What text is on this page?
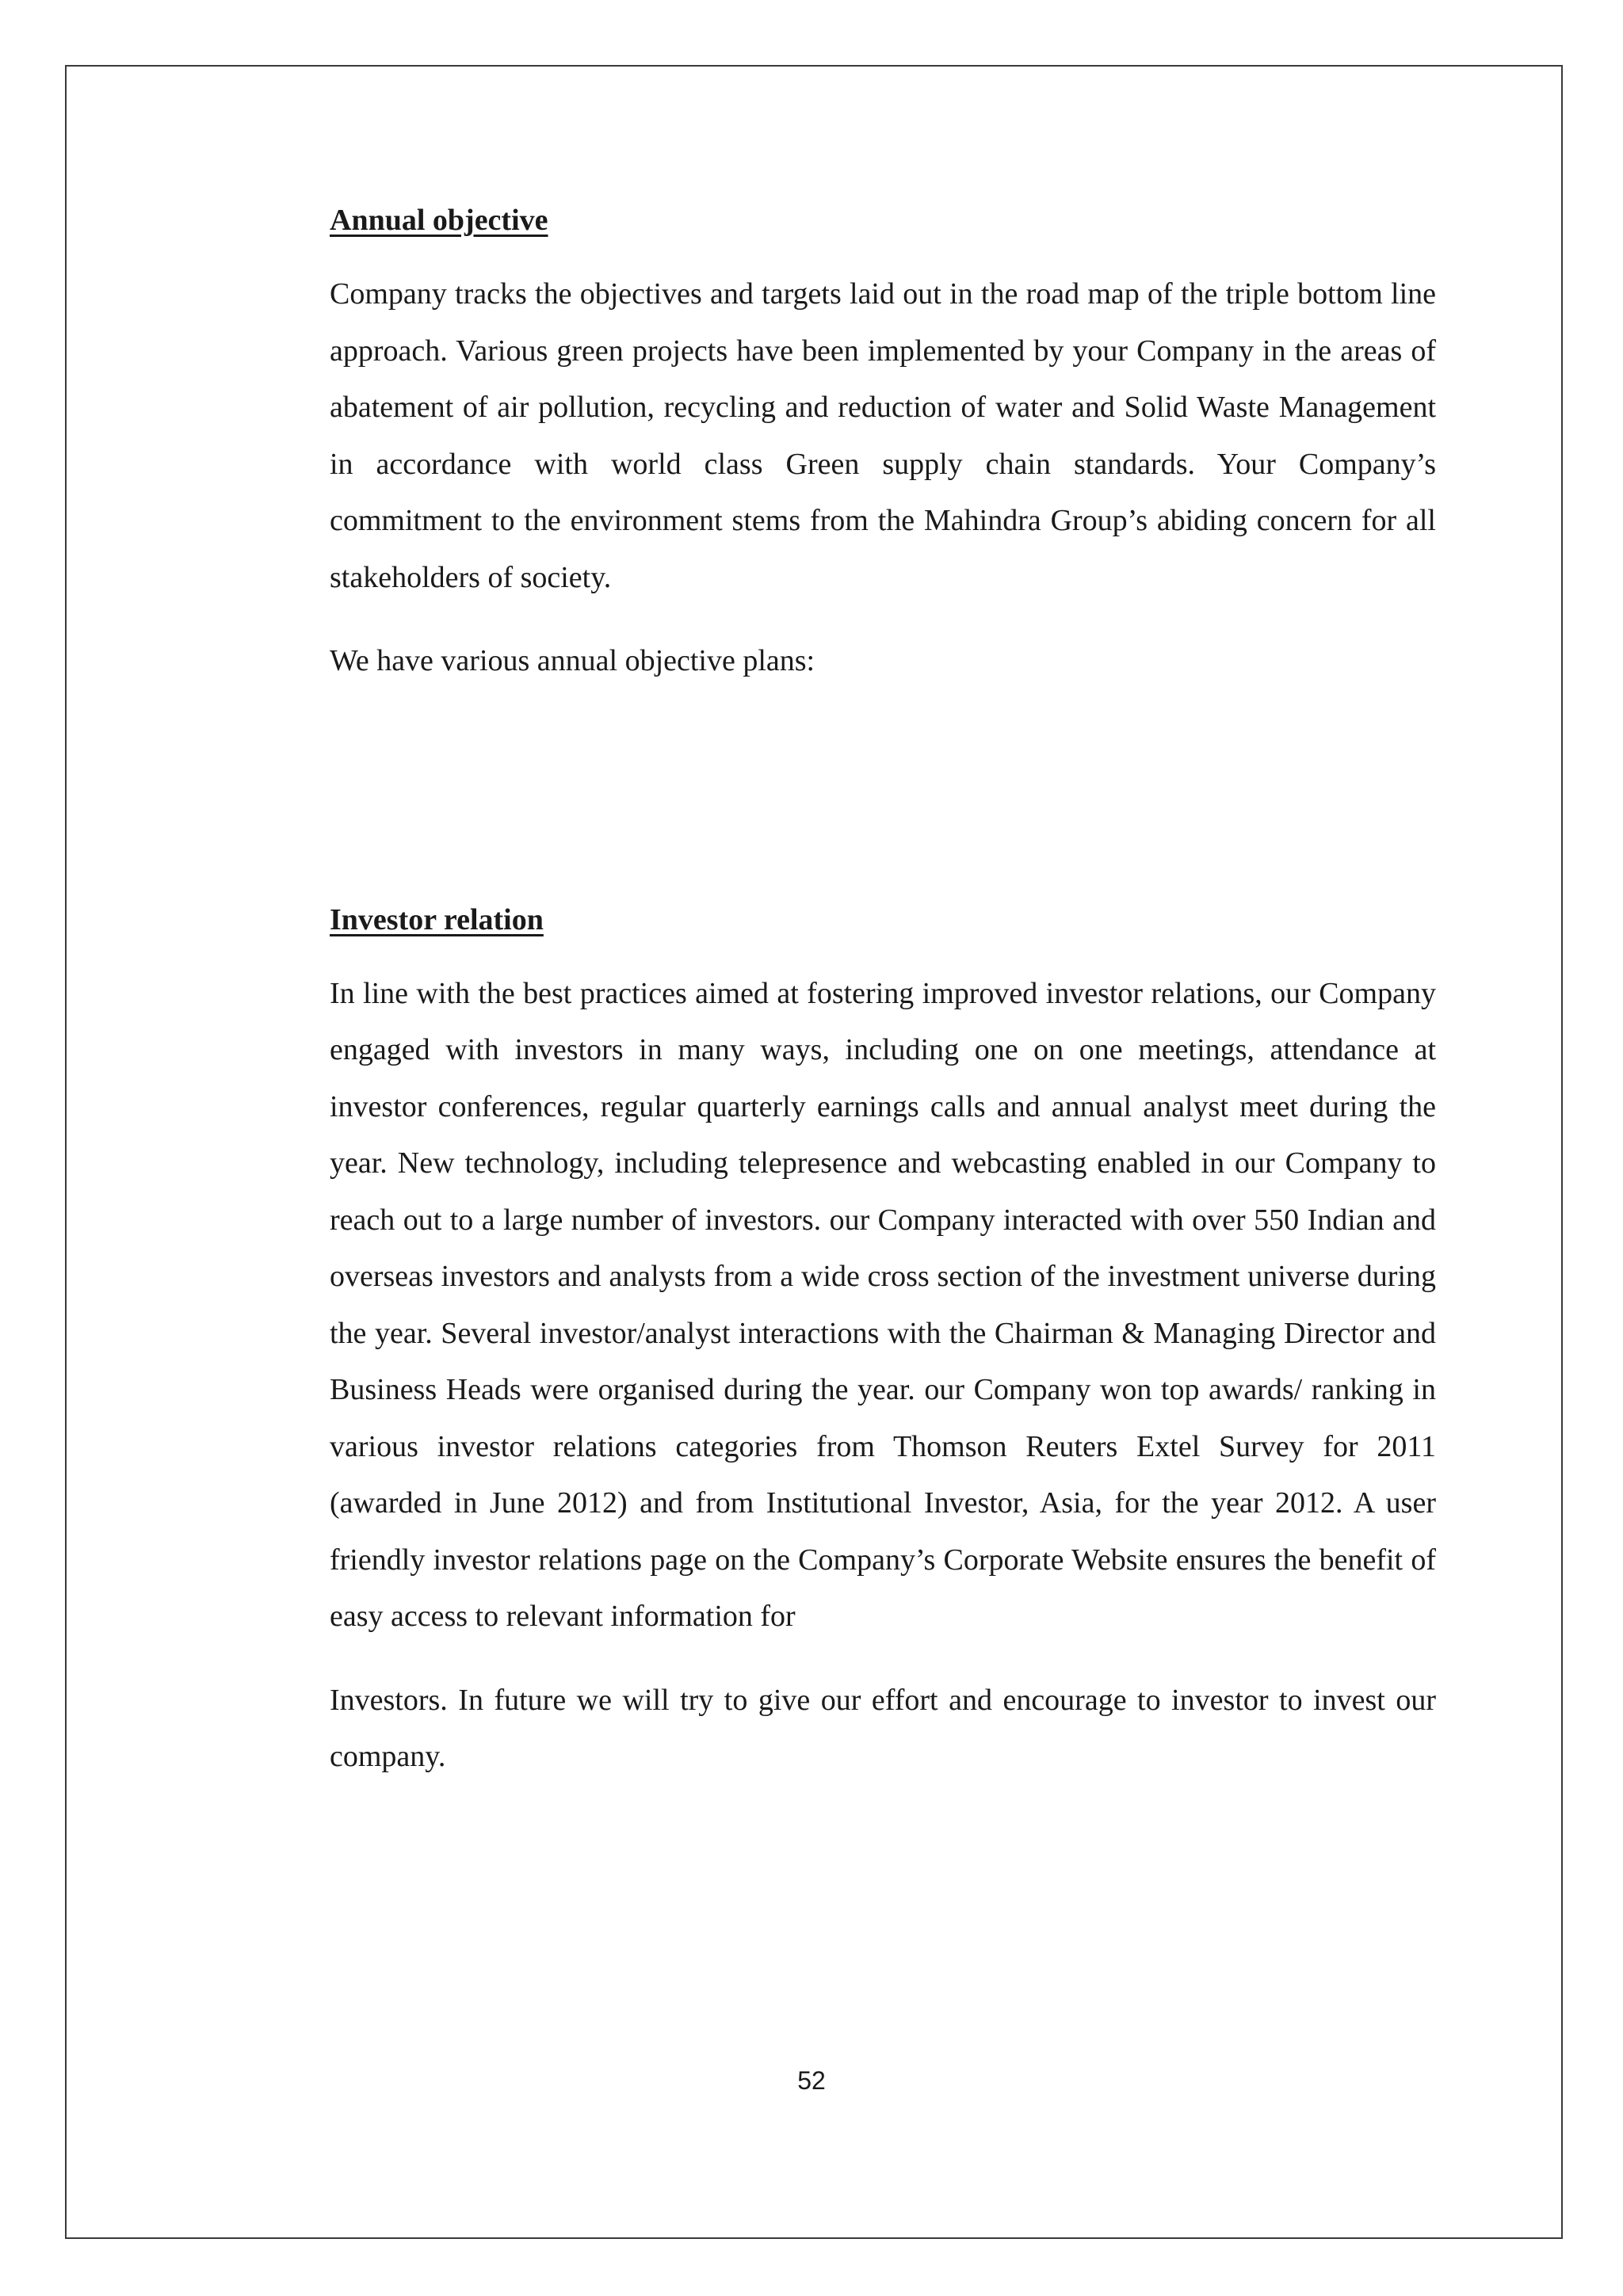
Annual objective

Company tracks the objectives and targets laid out in the road map of the triple bottom line approach. Various green projects have been implemented by your Company in the areas of abatement of air pollution, recycling and reduction of water and Solid Waste Management in accordance with world class Green supply chain standards. Your Company’s commitment to the environment stems from the Mahindra Group’s abiding concern for all stakeholders of society.

We have various annual objective plans:

Investor relation

In line with the best practices aimed at fostering improved investor relations, our Company engaged with investors in many ways, including one on one meetings, attendance at investor conferences, regular quarterly earnings calls and annual analyst meet during the year. New technology, including telepresence and webcasting enabled in our Company to reach out to a large number of investors. our Company interacted with over 550 Indian and overseas investors and analysts from a wide cross section of the investment universe during the year. Several investor/analyst interactions with the Chairman & Managing Director and Business Heads were organised during the year. our Company won top awards/ ranking in various investor relations categories from Thomson Reuters Extel Survey for 2011 (awarded in June 2012) and from Institutional Investor, Asia, for the year 2012. A user friendly investor relations page on the Company’s Corporate Website ensures the benefit of easy access to relevant information for

Investors. In future we will try to give our effort and encourage to investor to invest our company.

52
